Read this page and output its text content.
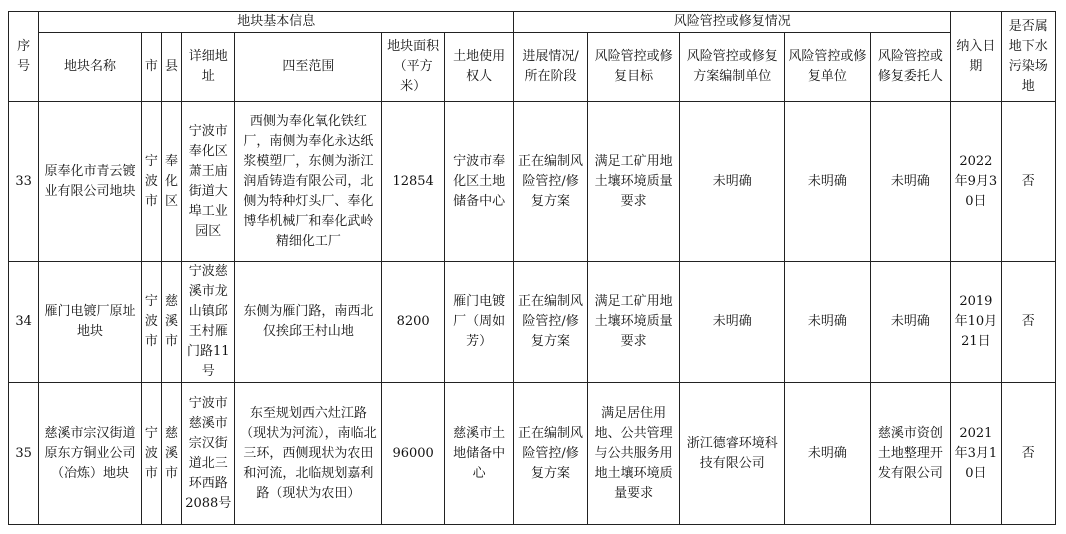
序号	地块基本信息							风险管控或修复情况					纳入日期	是否属地下水污染场地
	地块名称	市	县	详细地址	四至范围	地块面积（平方米）	土地使用权人	进展情况/所在阶段	风险管控或修复目标	风险管控或修复方案编制单位	风险管控或修复单位	风险管控或修复委托人		
33	原奉化市青云镀业有限公司地块	宁波市	奉化区	宁波市奉化区萧王庙街道大埠工业园区	西侧为奉化氧化铁红厂，南侧为奉化永达纸浆模塑厂，东侧为浙江润盾铸造有限公司，北侧为特种灯头厂、奉化博华机械厂和奉化武岭精细化工厂	12854	宁波市奉化区土地储备中心	正在编制风险管控/修复方案	满足工矿用地土壤环境质量要求	未明确	未明确	未明确	2022年9月30日	否
34	雁门电镀厂原址地块	宁波市	慈溪市	宁波慈溪市龙山镇邱王村雁门路11号	东侧为雁门路，南西北仅挨邱王村山地	8200	雁门电镀厂（周如芳）	正在编制风险管控/修复方案	满足工矿用地土壤环境质量要求	未明确	未明确	未明确	2019年10月21日	否
35	慈溪市宗汉街道原东方铜业公司（冶炼）地块	宁波市	慈溪市	宁波市慈溪市宗汉街道北三环西路2088号	东至规划西六灶江路（现状为河流），南临北三环，西侧现状为农田和河流，北临规划嘉利路（现状为农田）	96000	慈溪市土地储备中心	正在编制风险管控/修复方案	满足居住用地、公共管理与公共服务用地土壤环境质量要求	浙江德睿环境科技有限公司	未明确	慈溪市资创土地整理开发有限公司	2021年3月10日	否
